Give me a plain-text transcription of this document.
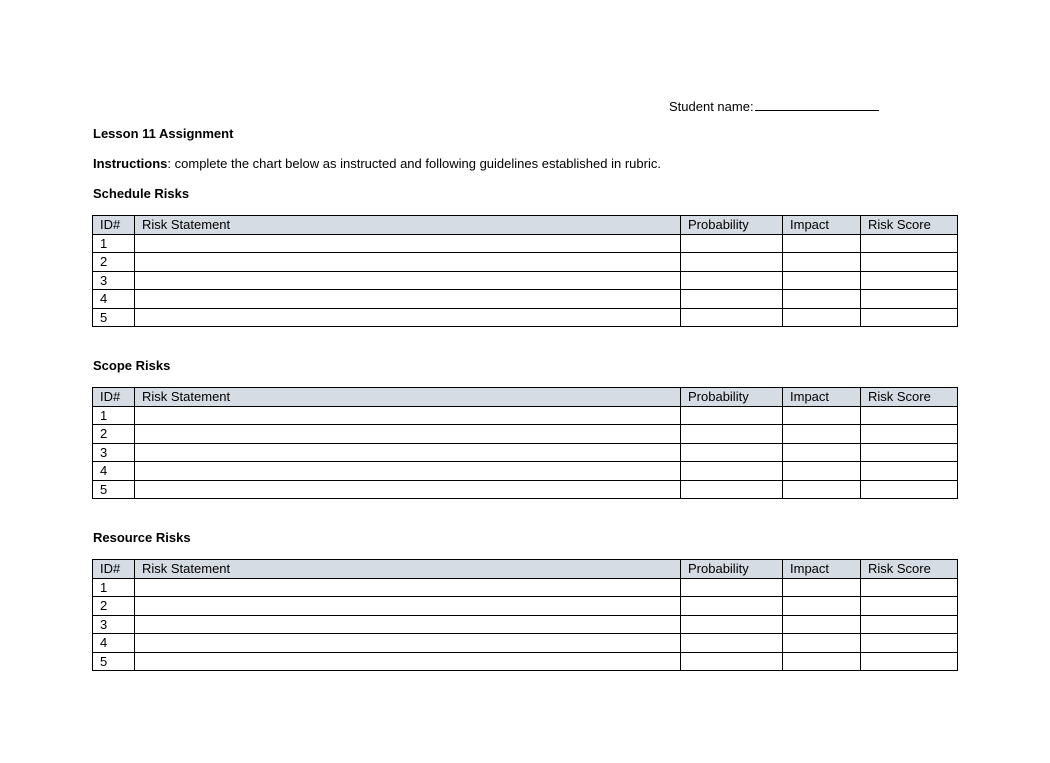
Student name:
Lesson 11 Assignment
Instructions: complete the chart below as instructed and following guidelines established in rubric.
Schedule Risks
ID#	Risk Statement	Probability	Impact	Risk Score
1				
2				
3				
4				
5				
Scope Risks
ID#	Risk Statement	Probability	Impact	Risk Score
1				
2				
3				
4				
5				
Resource Risks
ID#	Risk Statement	Probability	Impact	Risk Score
1				
2				
3				
4				
5				
